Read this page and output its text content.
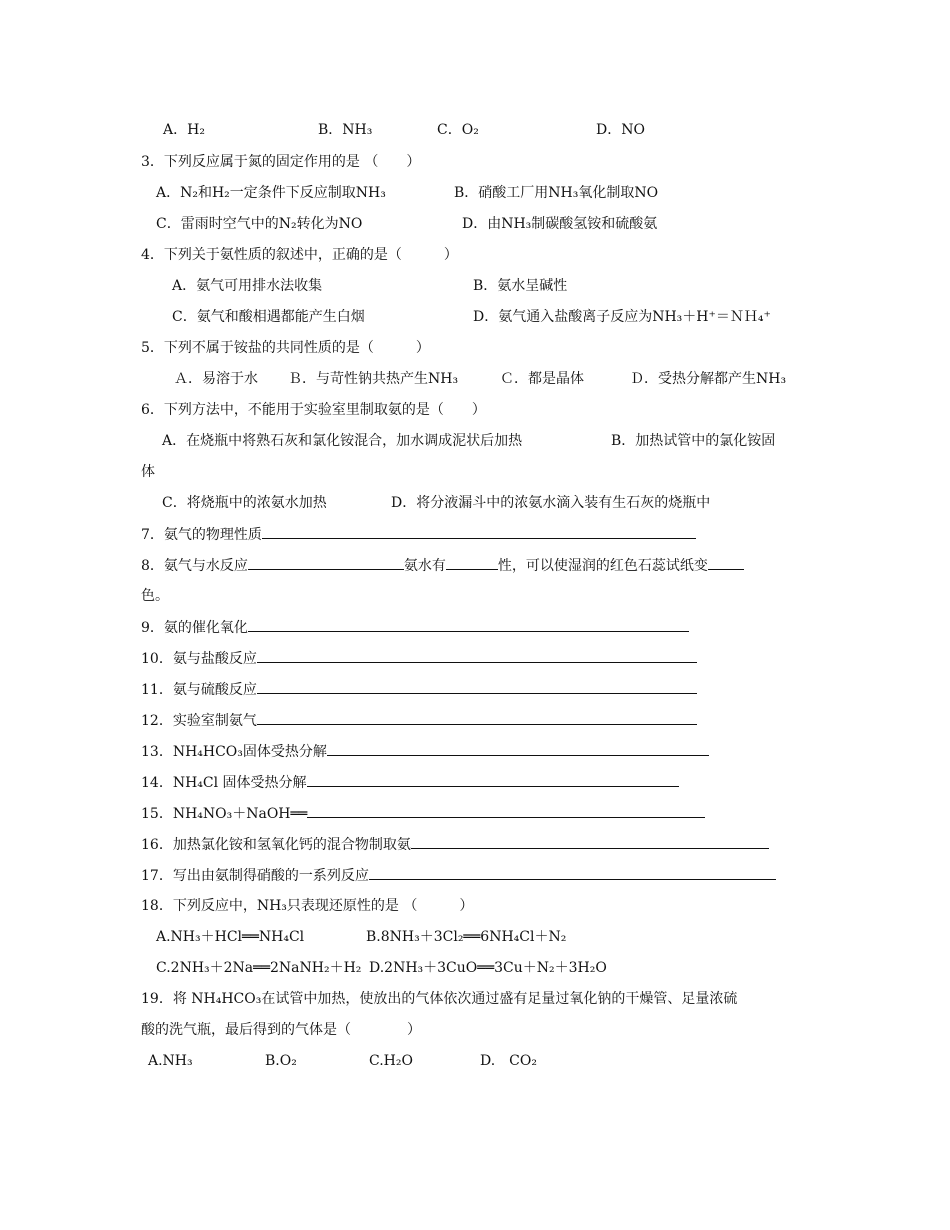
A．H₂	B．NH₃	C．O₂	D．NO
3．下列反应属于氮的固定作用的是 （　　）
A．N₂和H₂一定条件下反应制取NH₃	B．硝酸工厂用NH₃氧化制取NO
C．雷雨时空气中的N₂转化为NO	D．由NH₃制碳酸氢铵和硫酸氨
4．下列关于氨性质的叙述中，正确的是（　　　）
A．氨气可用排水法收集	B．氨水呈碱性
C．氨气和酸相遇都能产生白烟	D．氨气通入盐酸离子反应为NH₃＋H⁺＝ＮＨ₄⁺
5．下列不属于铵盐的共同性质的是（　　　）
Ａ．易溶于水 Ｂ．与苛性钠共热产生NH₃	Ｃ．都是晶体	Ｄ．受热分解都产生NH₃
6．下列方法中，不能用于实验室里制取氨的是（　　）
A．在烧瓶中将熟石灰和氯化铵混合，加水调成泥状后加热	B．加热试管中的氯化铵固
体
C．将烧瓶中的浓氨水加热	D．将分液漏斗中的浓氨水滴入装有生石灰的烧瓶中
7．氨气的物理性质
8．氨气与水反应	氨水有	性，可以使湿润的红色石蕊试纸变
色。
9．氨的催化氧化
10．氨与盐酸反应
11．氨与硫酸反应
12．实验室制氨气
13．NH₄HCO₃固体受热分解
14．NH₄Cl 固体受热分解
15．NH₄NO₃＋NaOH══
16．加热氯化铵和氢氧化钙的混合物制取氨
17．写出由氨制得硝酸的一系列反应
18．下列反应中，NH₃只表现还原性的是 （　　　）
A.NH₃＋HCl══NH₄Cl	B.8NH₃＋3Cl₂══6NH₄Cl＋N₂
C.2NH₃＋2Na══2NaNH₂＋H₂ D.2NH₃＋3CuO══3Cu＋N₂＋3H₂O
19．将 NH₄HCO₃在试管中加热，使放出的气体依次通过盛有足量过氧化钠的干燥管、足量浓硫
酸的洗气瓶，最后得到的气体是（　　　　）
A.NH₃	B.O₂	C.H₂O	D.　CO₂
